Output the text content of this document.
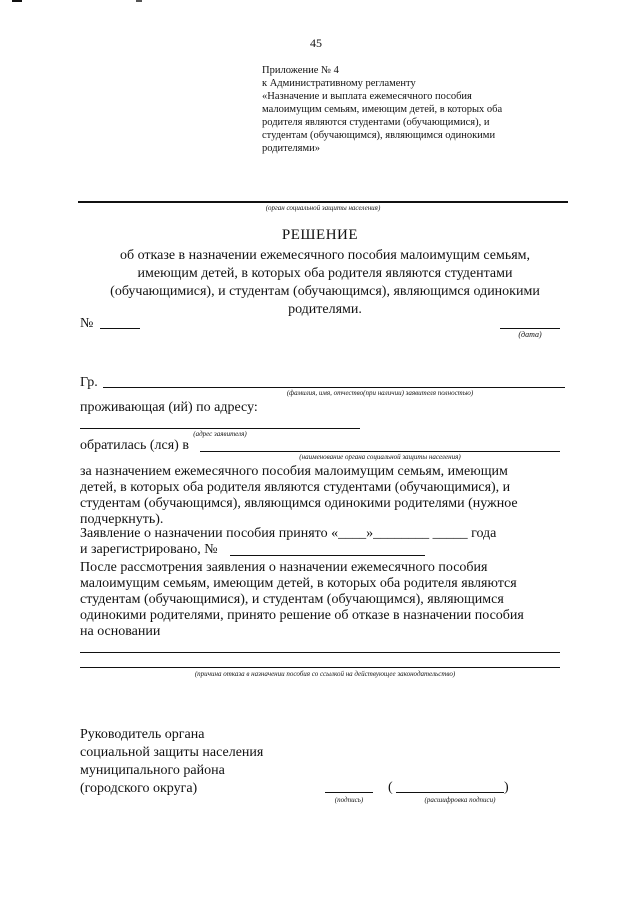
45
Приложение № 4
к Административному регламенту
«Назначение и выплата ежемесячного пособия
малоимущим семьям, имеющим детей, в которых оба
родителя являются студентами (обучающимися), и
студентам (обучающимся), являющимся одинокими
родителями»
(орган социальной защиты населения)
РЕШЕНИЕ
об отказе в назначении ежемесячного пособия малоимущим семьям,
имеющим детей, в которых оба родителя являются студентами
(обучающимися), и студентам (обучающимся), являющимся одинокими
родителями.
№
(дата)
Гр.
(фамилия, имя, отчество(при наличии) заявителя полностью)
проживающая (ий) по адресу:
(адрес заявителя)
обратилась (лся) в
(наименование органа социальной защиты населения)
за назначением ежемесячного пособия малоимущим семьям, имеющим
детей, в которых оба родителя являются студентами (обучающимися), и
студентам (обучающимся), являющимся одинокими родителями (нужное
подчеркнуть).
Заявление о назначении пособия принято «____»________ _____ года
и зарегистрировано, №
После рассмотрения заявления о назначении ежемесячного пособия
малоимущим семьям, имеющим детей, в которых оба родителя являются
студентам (обучающимися), и студентам (обучающимся), являющимся
одинокими родителями, принято решение об отказе в назначении пособия
на основании
(причина отказа в назначении пособия со ссылкой на действующее законодательство)
Руководитель органа
социальной защиты населения
муниципального района
(городского округа)
(подпись)
(	)
(расшифровка подписи)
